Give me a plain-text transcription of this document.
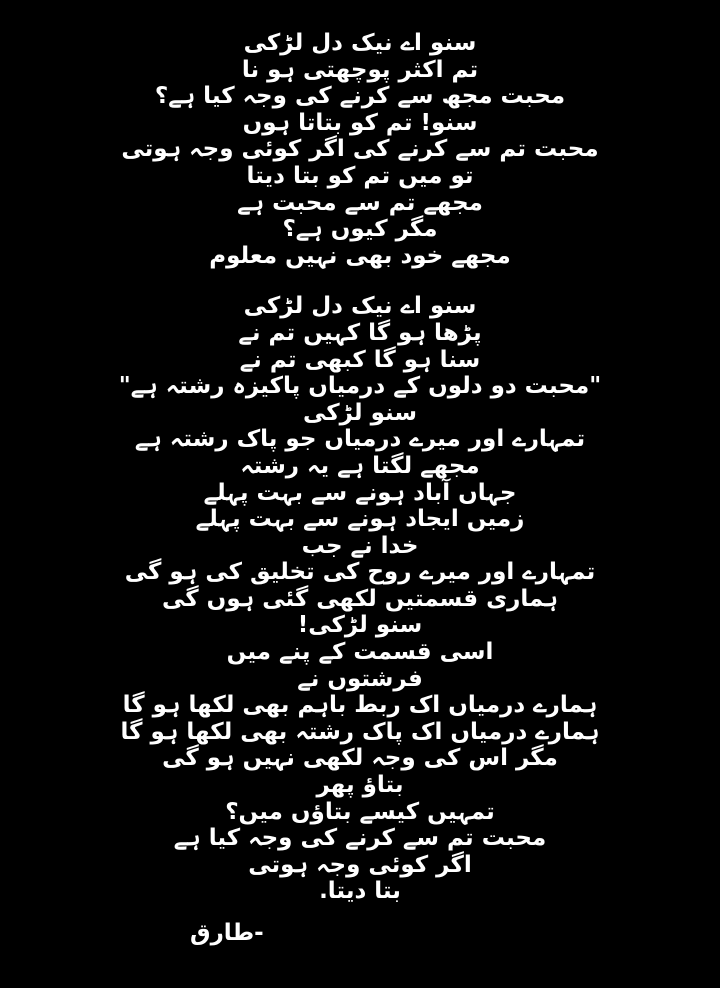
سنو اے نیک دل لڑکی
تم اکثر پوچھتی ہو نا
محبت مجھ سے کرنے کی وجہ کیا ہے؟
سنو! تم کو بتاتا ہوں
محبت تم سے کرنے کی اگر کوئی وجہ ہوتی
تو میں تم کو بتا دیتا
مجھے تم سے محبت ہے
مگر کیوں ہے؟
مجھے خود بھی نہیں معلوم
سنو اے نیک دل لڑکی
پڑھا ہو گا کہیں تم نے
سنا ہو گا کبھی تم نے
"محبت دو دلوں کے درمیاں پاکیزہ رشتہ ہے"
سنو لڑکی
تمہارے اور میرے درمیاں جو پاک رشتہ ہے
مجھے لگتا ہے یہ رشتہ
جہاں آباد ہونے سے بہت پہلے
زمیں ایجاد ہونے سے بہت پہلے
خدا نے جب
تمہارے اور میرے روح کی تخلیق کی ہو گی
ہماری قسمتیں لکھی گئی ہوں گی
سنو لڑکی!
اسی قسمت کے پنے میں
فرشتوں نے
ہمارے درمیاں اک ربط باہم بھی لکھا ہو گا
ہمارے درمیاں اک پاک رشتہ بھی لکھا ہو گا
مگر اس کی وجہ لکھی نہیں ہو گی
بتاؤ پھر
تمہیں کیسے بتاؤں میں؟
محبت تم سے کرنے کی وجہ کیا ہے
اگر کوئی وجہ ہوتی
بتا دیتا.
-طارق
